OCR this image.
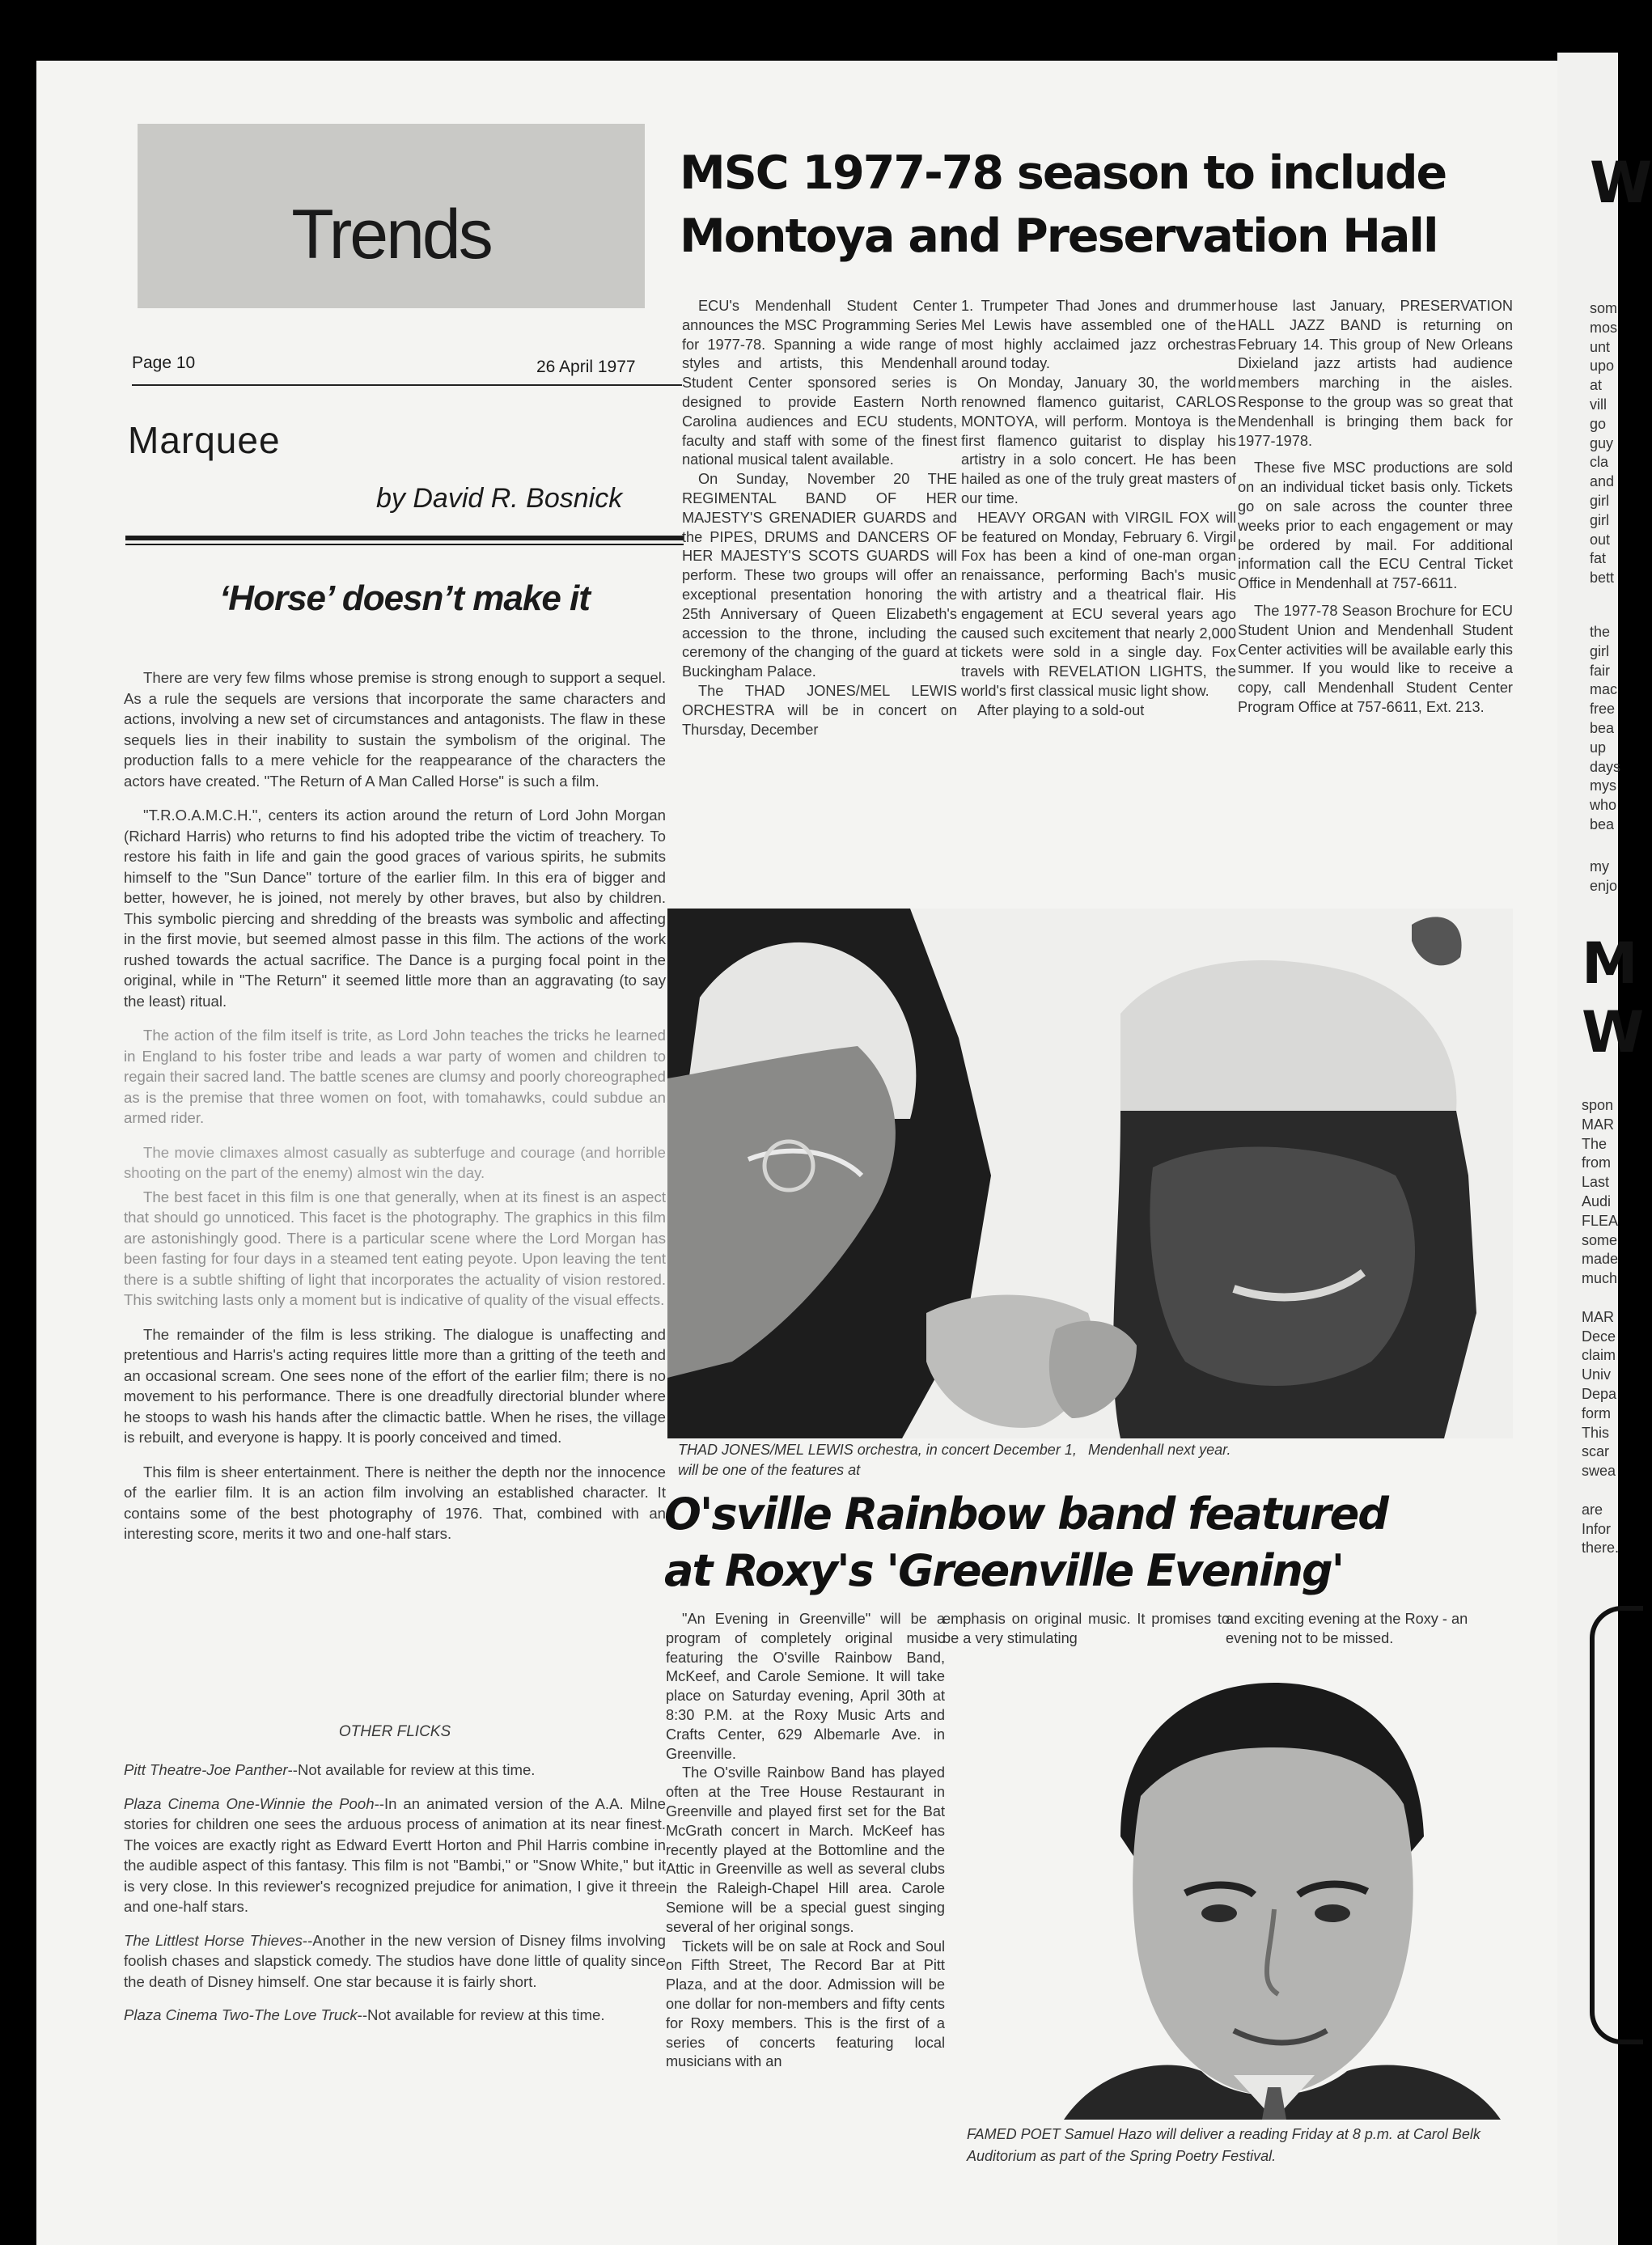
Trends
Page 10	26 April 1977
Marquee
by David R. Bosnick
‘Horse’ doesn’t make it

There are very few films whose premise is strong enough to support a sequel. As a rule the sequels are versions that incorporate the same characters and actions, involving a new set of circumstances and antagonists. The flaw in these sequels lies in their inability to sustain the symbolism of the original. The production falls to a mere vehicle for the reappearance of the characters the actors have created. "The Return of A Man Called Horse" is such a film.

"T.R.O.A.M.C.H.", centers its action around the return of Lord John Morgan (Richard Harris) who returns to find his adopted tribe the victim of treachery. To restore his faith in life and gain the good graces of various spirits, he submits himself to the "Sun Dance" torture of the earlier film. In this era of bigger and better, however, he is joined, not merely by other braves, but also by children. This symbolic piercing and shredding of the breasts was symbolic and affecting in the first movie, but seemed almost passe in this film. The actions of the work rushed towards the actual sacrifice. The Dance is a purging focal point in the original, while in "The Return" it seemed little more than an aggravating (to say the least) ritual.

The action of the film itself is trite, as Lord John teaches the tricks he learned in England to his foster tribe and leads a war party of women and children to regain their sacred land. The battle scenes are clumsy and poorly choreographed as is the premise that three women on foot, with tomahawks, could subdue an armed rider.

The movie climaxes almost casually as subterfuge and courage (and horrible shooting on the part of the enemy) almost win the day.

The best facet in this film is one that generally, when at its finest is an aspect that should go unnoticed. This facet is the photography. The graphics in this film are astonishingly good. There is a particular scene where the Lord Morgan has been fasting for four days in a steamed tent eating peyote. Upon leaving the tent there is a subtle shifting of light that incorporates the actuality of vision restored. This switching lasts only a moment but is indicative of quality of the visual effects.

The remainder of the film is less striking. The dialogue is unaffecting and pretentious and Harris's acting requires little more than a gritting of the teeth and an occasional scream. One sees none of the effort of the earlier film; there is no movement to his performance. There is one dreadfully directorial blunder where he stoops to wash his hands after the climactic battle. When he rises, the village is rebuilt, and everyone is happy. It is poorly conceived and timed.

This film is sheer entertainment. There is neither the depth nor the innocence of the earlier film. It is an action film involving an established character. It contains some of the best photography of 1976. That, combined with an interesting score, merits it two and one-half stars.

OTHER FLICKS

Pitt Theatre-Joe Panther--Not available for review at this time.

Plaza Cinema One-Winnie the Pooh--In an animated version of the A.A. Milne stories for children one sees the arduous process of animation at its near finest. The voices are exactly right as Edward Evertt Horton and Phil Harris combine in the audible aspect of this fantasy. This film is not "Bambi," or "Snow White," but it is very close. In this reviewer's recognized prejudice for animation, I give it three and one-half stars.

The Littlest Horse Thieves--Another in the new version of Disney films involving foolish chases and slapstick comedy. The studios have done little of quality since the death of Disney himself. One star because it is fairly short.

Plaza Cinema Two-The Love Truck--Not available for review at this time.

MSC 1977-78 season to include
Montoya and Preservation Hall

ECU's Mendenhall Student Center announces the MSC Programming Series for 1977-78. Spanning a wide range of styles and artists, this Mendenhall Student Center sponsored series is designed to provide Eastern North Carolina audiences and ECU students, faculty and staff with some of the finest national musical talent available.

On Sunday, November 20 THE REGIMENTAL BAND OF HER MAJESTY'S GRENADIER GUARDS and the PIPES, DRUMS and DANCERS OF HER MAJESTY'S SCOTS GUARDS will perform. These two groups will offer an exceptional presentation honoring the 25th Anniversary of Queen Elizabeth's accession to the throne, including the ceremony of the changing of the guard at Buckingham Palace.

The THAD JONES/MEL LEWIS ORCHESTRA will be in concert on Thursday, December

1. Trumpeter Thad Jones and drummer Mel Lewis have assembled one of the most highly acclaimed jazz orchestras around today.

On Monday, January 30, the world renowned flamenco guitarist, CARLOS MONTOYA, will perform. Montoya is the first flamenco guitarist to display his artistry in a solo concert. He has been hailed as one of the truly great masters of our time.

HEAVY ORGAN with VIRGIL FOX will be featured on Monday, February 6. Virgil Fox has been a kind of one-man organ renaissance, performing Bach's music with artistry and a theatrical flair. His engagement at ECU several years ago caused such excitement that nearly 2,000 tickets were sold in a single day. Fox travels with REVELATION LIGHTS, the world's first classical music light show.

After playing to a sold-out

house last January, PRESERVATION HALL JAZZ BAND is returning on February 14. This group of New Orleans Dixieland jazz artists had audience members marching in the aisles. Response to the group was so great that Mendenhall is bringing them back for 1977-1978.

These five MSC productions are sold on an individual ticket basis only. Tickets go on sale across the counter three weeks prior to each engagement or may be ordered by mail. For additional information call the ECU Central Ticket Office in Mendenhall at 757-6611.

The 1977-78 Season Brochure for ECU Student Union and Mendenhall Student Center activities will be available early this summer. If you would like to receive a copy, call Mendenhall Student Center Program Office at 757-6611, Ext. 213.

THAD JONES/MEL LEWIS orchestra, in concert December 1, will be one of the features at
Mendenhall next year.
O'sville Rainbow band featured
at Roxy's 'Greenville Evening'

"An Evening in Greenville" will be a program of completely original music featuring the O'sville Rainbow Band, McKeef, and Carole Semione. It will take place on Saturday evening, April 30th at 8:30 P.M. at the Roxy Music Arts and Crafts Center, 629 Albemarle Ave. in Greenville.

The O'sville Rainbow Band has played often at the Tree House Restaurant in Greenville and played first set for the Bat McGrath concert in March. McKeef has recently played at the Bottomline and the Attic in Greenville as well as several clubs in the Raleigh-Chapel Hill area. Carole Semione will be a special guest singing several of her original songs.

Tickets will be on sale at Rock and Soul on Fifth Street, The Record Bar at Pitt Plaza, and at the door. Admission will be one dollar for non-members and fifty cents for Roxy members. This is the first of a series of concerts featuring local musicians with an

emphasis on original music. It promises to be a very stimulating
and exciting evening at the Roxy - an evening not to be missed.
FAMED POET Samuel Hazo will deliver a reading Friday at 8 p.m. at Carol Belk Auditorium as part of the Spring Poetry Festival.
W
som
mos
unt
upo
at
vill
go
guy
cla
and
girl
girl
out
fat
bett
the
girl
fair
mac
free
bea
up
days
mys
who
bea
my
enjo
M
W
spon
MAR
The
from
Last
Audi
FLEA
some
made
much

MAR
Dece
claim
Univ
Depa
form
This
scar
swea

are
Infor
there.
